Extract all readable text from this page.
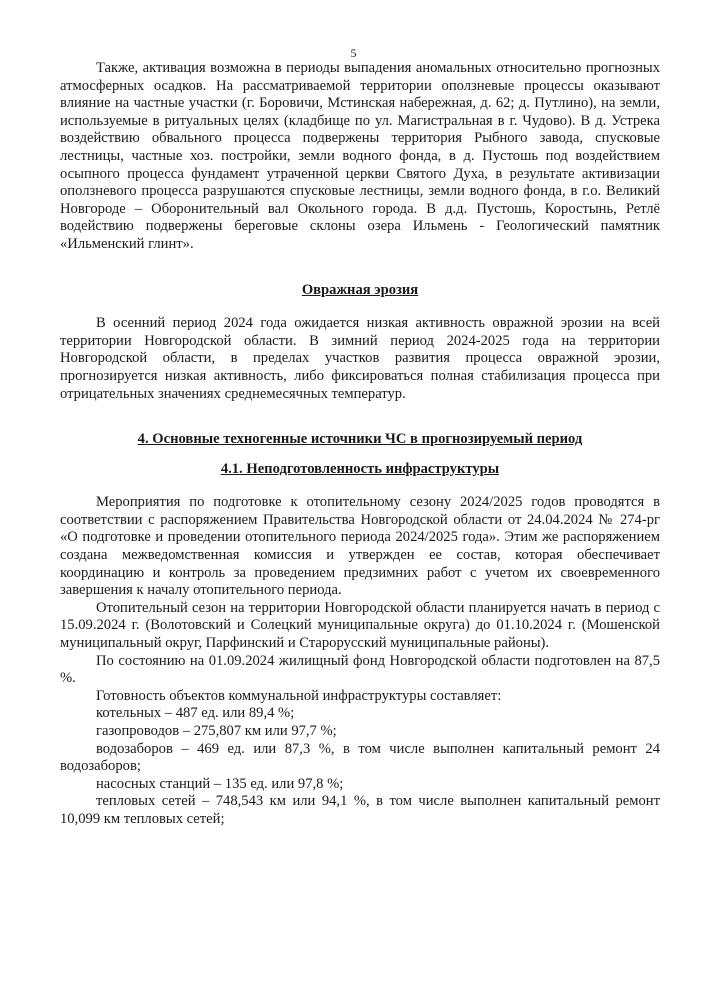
5

Также, активация возможна в периоды выпадения аномальных относительно прогнозных атмосферных осадков. На рассматриваемой территории оползневые процессы оказывают влияние на частные участки (г. Боровичи, Мстинская набережная, д. 62; д. Путлино), на земли, используемые в ритуальных целях (кладбище по ул. Магистральная в г. Чудово). В д. Устрека воздействию обвального процесса подвержены территория Рыбного завода, спусковые лестницы, частные хоз. постройки, земли водного фонда, в д. Пустошь под воздействием осыпного процесса фундамент утраченной церкви Святого Духа, в результате активизации оползневого процесса разрушаются спусковые лестницы, земли водного фонда, в г.о. Великий Новгороде – Оборонительный вал Окольного города. В д.д. Пустошь, Коростынь, Ретлё водействию подвержены береговые склоны озера Ильмень - Геологический памятник «Ильменский глинт».

Овражная эрозия

В осенний период 2024 года ожидается низкая активность овражной эрозии на всей территории Новгородской области. В зимний период 2024-2025 года на территории Новгородской области, в пределах участков развития процесса овражной эрозии, прогнозируется низкая активность, либо фиксироваться полная стабилизация процесса при отрицательных значениях среднемесячных температур.

4. Основные техногенные источники ЧС в прогнозируемый период

4.1. Неподготовленность инфраструктуры

Мероприятия по подготовке к отопительному сезону 2024/2025 годов проводятся в соответствии с распоряжением Правительства Новгородской области от 24.04.2024 № 274-рг «О подготовке и проведении отопительного периода 2024/2025 года». Этим же распоряжением создана межведомственная комиссия и утвержден ее состав, которая обеспечивает координацию и контроль за проведением предзимних работ с учетом их своевременного завершения к началу отопительного периода.

Отопительный сезон на территории Новгородской области планируется начать в период с 15.09.2024 г. (Волотовский и Солецкий муниципальные округа) до 01.10.2024 г. (Мошенской муниципальный округ, Парфинский и Старорусский муниципальные районы).

По состоянию на 01.09.2024 жилищный фонд Новгородской области подготовлен на 87,5 %.

Готовность объектов коммунальной инфраструктуры составляет:

котельных – 487 ед. или 89,4 %;

газопроводов – 275,807 км или 97,7 %;

водозаборов – 469 ед. или 87,3 %, в том числе выполнен капитальный ремонт 24 водозаборов;

насосных станций – 135 ед. или 97,8 %;

тепловых сетей – 748,543 км или 94,1 %, в том числе выполнен капитальный ремонт 10,099 км тепловых сетей;
